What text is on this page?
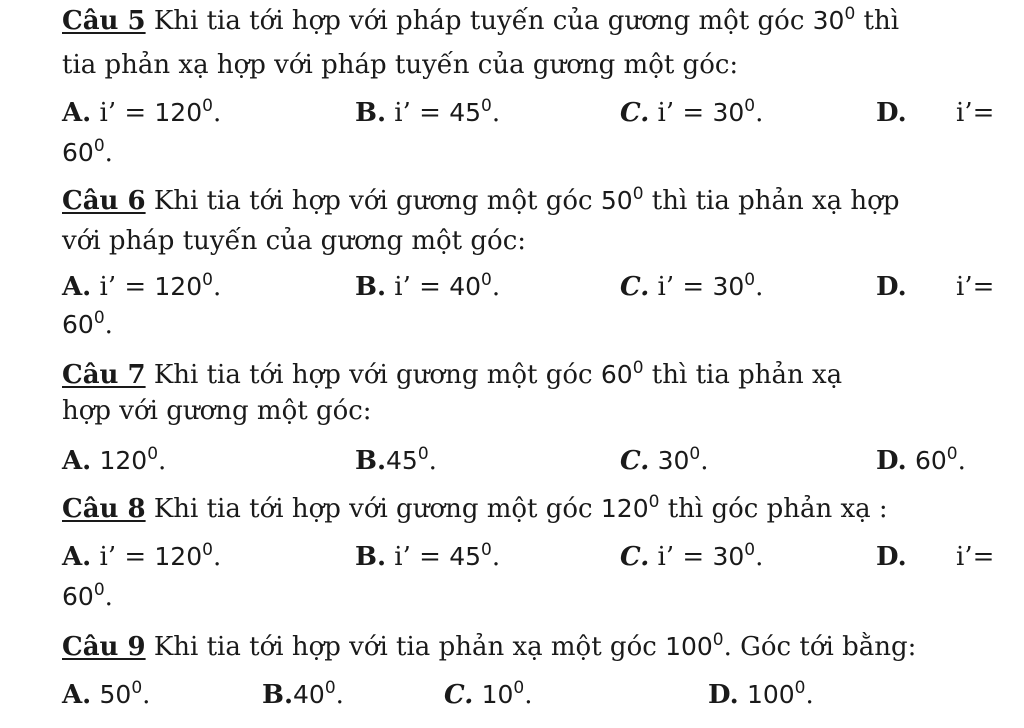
Câu 5 Khi tia tới hợp với pháp tuyến của gương một góc $30^0$ thì
tia phản xạ hợp với pháp tuyến của gương một góc:
A. i’ = $120^0$.	B. i’ = $45^0$.	C. i’ = $30^0$.	D. i’=
$60^0$.
Câu 6 Khi tia tới hợp với gương một góc $50^0$ thì tia phản xạ hợp
với pháp tuyến của gương một góc:
A. i’ = $120^0$.	B. i’ = $40^0$.	C. i’ = $30^0$.	D. i’=
$60^0$.
Câu 7 Khi tia tới hợp với gương một góc $60^0$ thì tia phản xạ
hợp với gương một góc:
A. $120^0$.	$B.45^0$.	C. $30^0$.	D. $60^0$.
Câu 8 Khi tia tới hợp với gương một góc $120^0$ thì góc phản xạ :
A. i’ = $120^0$.	B. i’ = $45^0$.	C. i’ = $30^0$.	D. i’=
$60^0$.
Câu 9 Khi tia tới hợp với tia phản xạ một góc $100^0$. Góc tới bằng:
A. $50^0$.	$B.40^0$.	C. $10^0$.	D. $100^0$.
